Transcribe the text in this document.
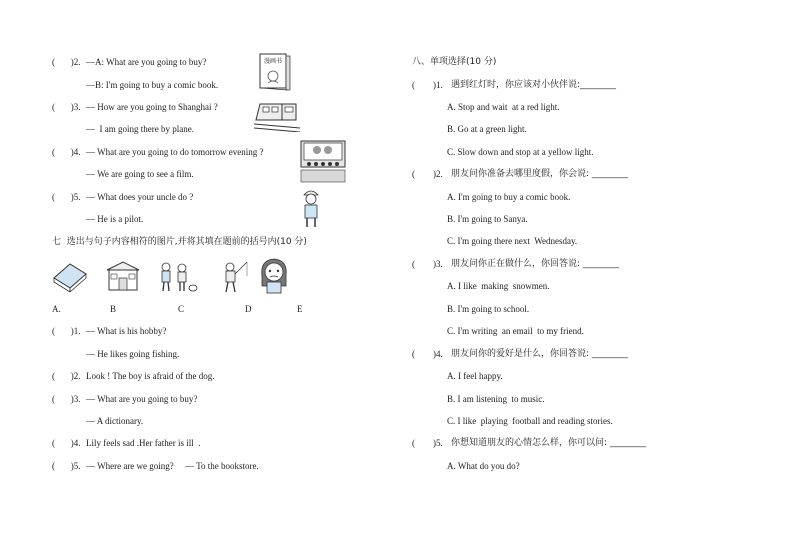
(       )2. —A: What are you going to buy?
—B: I'm going to buy a comic book.
(       )3. — How are you going to Shanghai ?
—  I am going there by plane.
(       )4. — What are you going to do tomorrow evening ?
— We are going to see a film.
(       )5. — What does your uncle do ?
— He is a pilot.
漫画书
七  选出与句子内容相符的图片,并将其填在题前的括号内(10 分)
A.	B	C	D	E
(       )1. — What is his hobby?
— He likes going fishing.
(       )2. Look ! The boy is afraid of the dog.
(       )3. — What are you going to buy?
— A dictionary.
(       )4. Lily feels sad .Her father is ill  .
(       )5. — Where are we going?     — To the bookstore.
八、单项选择(10 分)
(        )1. 遇到红灯时，你应该对小伙伴说:________
A. Stop and wait  at a red light.
B. Go at a green light.
C. Slow down and stop at a yellow light.
(        )2. 朋友问你准备去哪里度假，你会说: ________
A. I'm going to buy a comic book.
B. I'm going to Sanya.
C. I'm going there next  Wednesday.
(        )3. 朋友问你正在做什么，你回答说: ________
A. I like  making  snowmen.
B. I'm going to school.
C. I'm writing  an email  to my friend.
(        )4. 朋友问你的爱好是什么，你回答说: ________
A. I feel happy.
B. I am listening  to music.
C. I like  playing  football and reading stories.
(        )5. 你想知道朋友的心情怎么样，你可以问: ________
A. What do you do?
